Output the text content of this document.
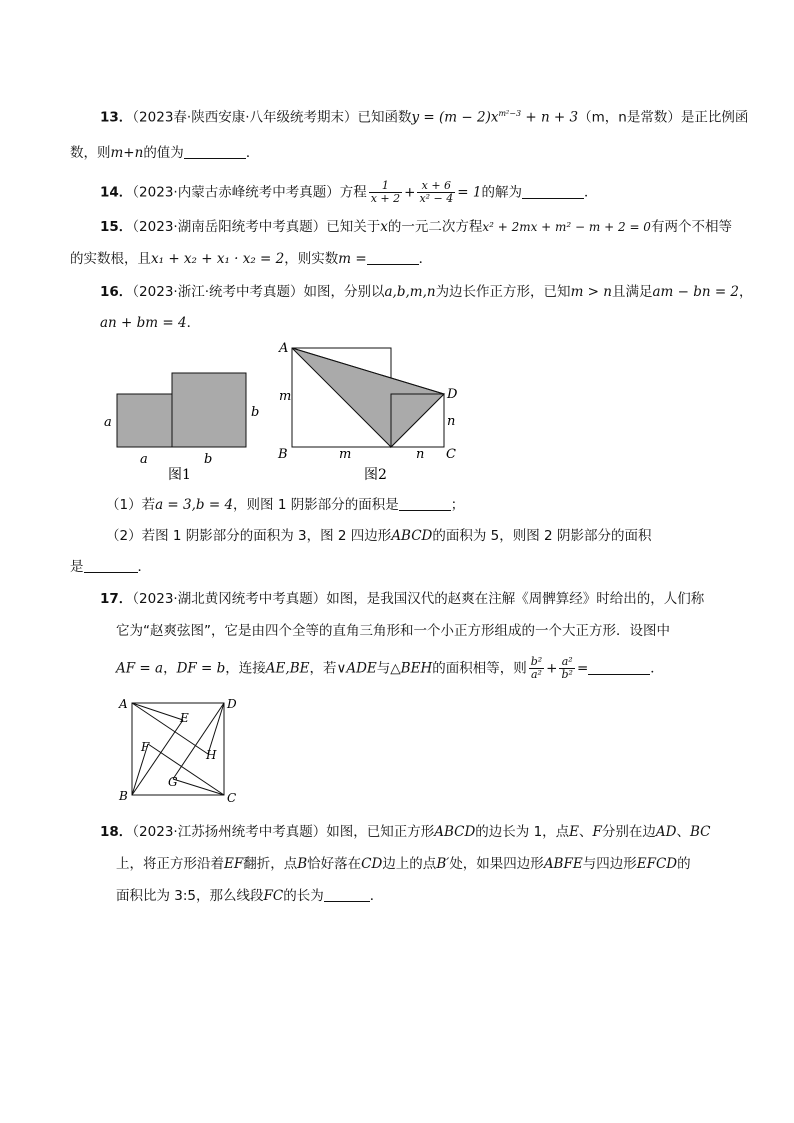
13．（2023春·陕西安康·八年级统考期末）已知函数$y = (m - 2)x^{m^2-3} + n + 3(m$，n是常数）是正比例函
数，则m+n的值为	．
14．（2023·内蒙古赤峰统考中考真题）方程 $\frac{1}{x + 2} + \frac{x + 6}{\text{x² − 4}} = 1$的解为	．
15．（2023·湖南岳阳统考中考真题）已知关于x的一元二次方程x² + 2mx + m² − m + 2 = 0有两个不相等
的实数根，且x₁ + x₂ + x₁ · x₂ = 2，则实数m =	．
16．（2023·浙江·统考中考真题）如图，分别以a,b,m,n为边长作正方形，已知m > n且满足am − bn = 2，
an + bm = 4．
a
b
a	b
图1
A
B	C
D
m
n
m	n
图2
（1）若a = 3,b = 4，则图 1 阴影部分的面积是	；
（2）若图 1 阴影部分的面积为 3，图 2 四边形ABCD的面积为 5，则图 2 阴影部分的面积
是	．
17．（2023·湖北黄冈统考中考真题）如图，是我国汉代的赵爽在注解《周髀算经》时给出的，人们称
它为“赵爽弦图”，它是由四个全等的直角三角形和一个小正方形组成的一个大正方形．设图中
AF = a，DF = b，连接AE,BE，若∨ADE与△BEH的面积相等，则 $\frac{\text{b²}}{\text{a²}} + \frac{\text{a²}}{\text{b²}}$ =	．
A	D
B	C
E
F
G
H
18．（2023·江苏扬州统考中考真题）如图，已知正方形ABCD的边长为 1，点E、F分别在边AD、BC
上，将正方形沿着EF翻折，点B恰好落在CD边上的点B′处，如果四边形ABFE与四边形EFCD的
面积比为 3:5，那么线段FC的长为	．
